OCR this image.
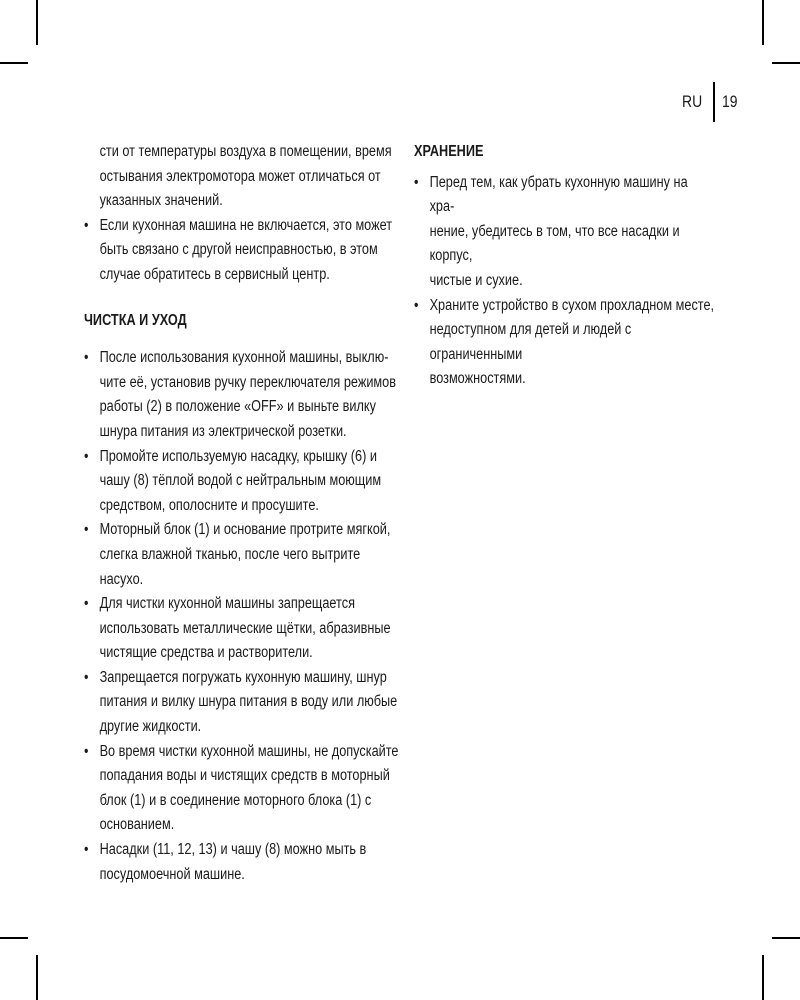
RU 19
сти от температуры воздуха в помещении, время
остывания электромотора может отличаться от
указанных значений.
• Если кухонная машина не включается, это может
быть связано с другой неисправностью, в этом
случае обратитесь в сервисный центр.
ЧИСТКА И УХОД
• После использования кухонной машины, выклю-
чите её, установив ручку переключателя режимов
работы (2) в положение «OFF» и выньте вилку
шнура питания из электрической розетки.
• Промойте используемую насадку, крышку (6) и
чашу (8) тёплой водой с нейтральным моющим
средством, ополосните и просушите.
• Моторный блок (1) и основание протрите мягкой,
слегка влажной тканью, после чего вытрите
насухо.
• Для чистки кухонной машины запрещается
использовать металлические щётки, абразивные
чистящие средства и растворители.
• Запрещается погружать кухонную машину, шнур
питания и вилку шнура питания в воду или любые
другие жидкости.
• Во время чистки кухонной машины, не допускайте
попадания воды и чистящих средств в моторный
блок (1) и в соединение моторного блока (1) с
основанием.
• Насадки (11, 12, 13) и чашу (8) можно мыть в
посудомоечной машине.
ХРАНЕНИЕ
• Перед тем, как убрать кухонную машину на хра-
нение, убедитесь в том, что все насадки и корпус,
чистые и сухие.
• Храните устройство в сухом прохладном месте,
недоступном для детей и людей с ограниченными
возможностями.
